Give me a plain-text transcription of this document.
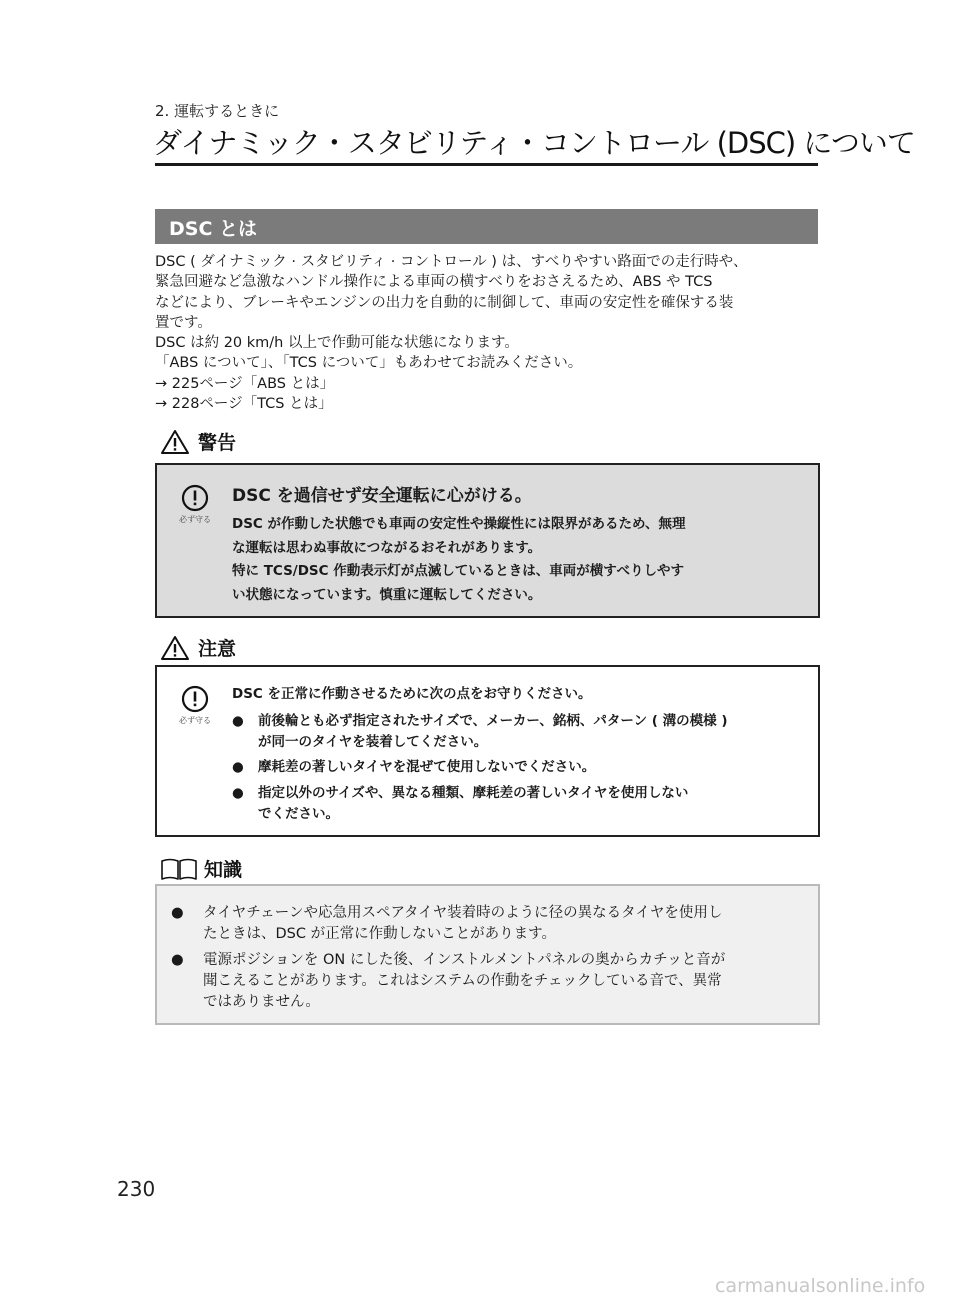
2. 運転するときに
ダイナミック・スタビリティ・コントロール (DSC) について
DSC とは
DSC ( ダイナミック · スタビリティ · コントロール ) は、すべりやすい路面での走行時や、
緊急回避など急激なハンドル操作による車両の横すべりをおさえるため、ABS や TCS
などにより、ブレーキやエンジンの出力を自動的に制御して、車両の安定性を確保する装
置です。
DSC は約 20 km/h 以上で作動可能な状態になります。
「ABS について」、「TCS について」もあわせてお読みください。
→ 225ページ「ABS とは」
→ 228ページ「TCS とは」
警告
必ず守る
DSC を過信せず安全運転に心がける。
DSC が作動した状態でも車両の安定性や操縦性には限界があるため、無理
な運転は思わぬ事故につながるおそれがあります。
特に TCS/DSC 作動表示灯が点滅しているときは、車両が横すべりしやす
い状態になっています。慎重に運転してください。
注意
必ず守る
DSC を正常に作動させるために次の点をお守りください。
● 前後輪とも必ず指定されたサイズで、メーカー、銘柄、パターン ( 溝の模様 )
が同一のタイヤを装着してください。
● 摩耗差の著しいタイヤを混ぜて使用しないでください。
● 指定以外のサイズや、異なる種類、摩耗差の著しいタイヤを使用しない
でください。
知識
● タイヤチェーンや応急用スペアタイヤ装着時のように径の異なるタイヤを使用し
たときは、DSC が正常に作動しないことがあります。
● 電源ポジションを ON にした後、インストルメントパネルの奥からカチッと音が
聞こえることがあります。これはシステムの作動をチェックしている音で、異常
ではありません。
230
carmanualsonline.info
